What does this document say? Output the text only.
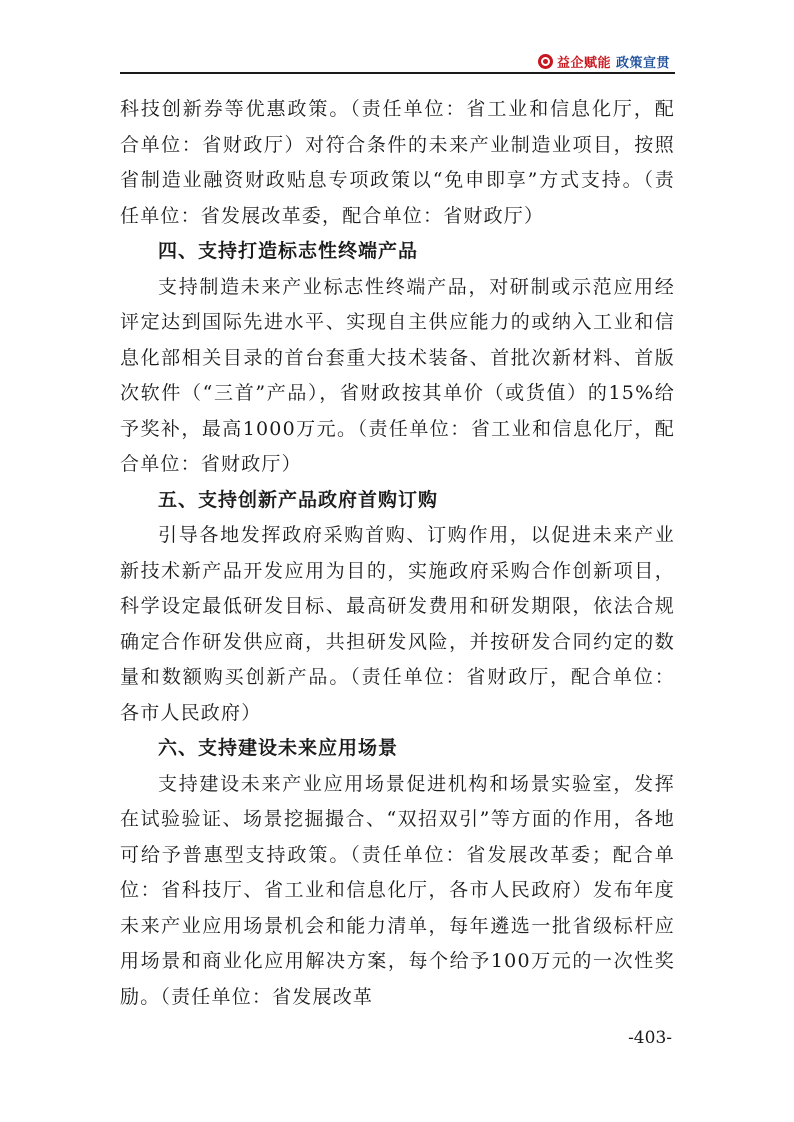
益企赋能 政策宣贯

科技创新券等优惠政策。（责任单位：省工业和信息化厅，配合单位：省财政厅）对符合条件的未来产业制造业项目，按照省制造业融资财政贴息专项政策以“免申即享”方式支持。（责任单位：省发展改革委，配合单位：省财政厅）

四、支持打造标志性终端产品

支持制造未来产业标志性终端产品，对研制或示范应用经评定达到国际先进水平、实现自主供应能力的或纳入工业和信息化部相关目录的首台套重大技术装备、首批次新材料、首版次软件（“三首”产品），省财政按其单价（或货值）的15%给予奖补，最高1000万元。（责任单位：省工业和信息化厅，配合单位：省财政厅）

五、支持创新产品政府首购订购

引导各地发挥政府采购首购、订购作用，以促进未来产业新技术新产品开发应用为目的，实施政府采购合作创新项目，科学设定最低研发目标、最高研发费用和研发期限，依法合规确定合作研发供应商，共担研发风险，并按研发合同约定的数量和数额购买创新产品。（责任单位：省财政厅，配合单位：各市人民政府）

六、支持建设未来应用场景

支持建设未来产业应用场景促进机构和场景实验室，发挥在试验验证、场景挖掘撮合、“双招双引”等方面的作用，各地可给予普惠型支持政策。（责任单位：省发展改革委；配合单位：省科技厅、省工业和信息化厅，各市人民政府）发布年度未来产业应用场景机会和能力清单，每年遴选一批省级标杆应用场景和商业化应用解决方案，每个给予100万元的一次性奖励。（责任单位：省发展改革

-403-
